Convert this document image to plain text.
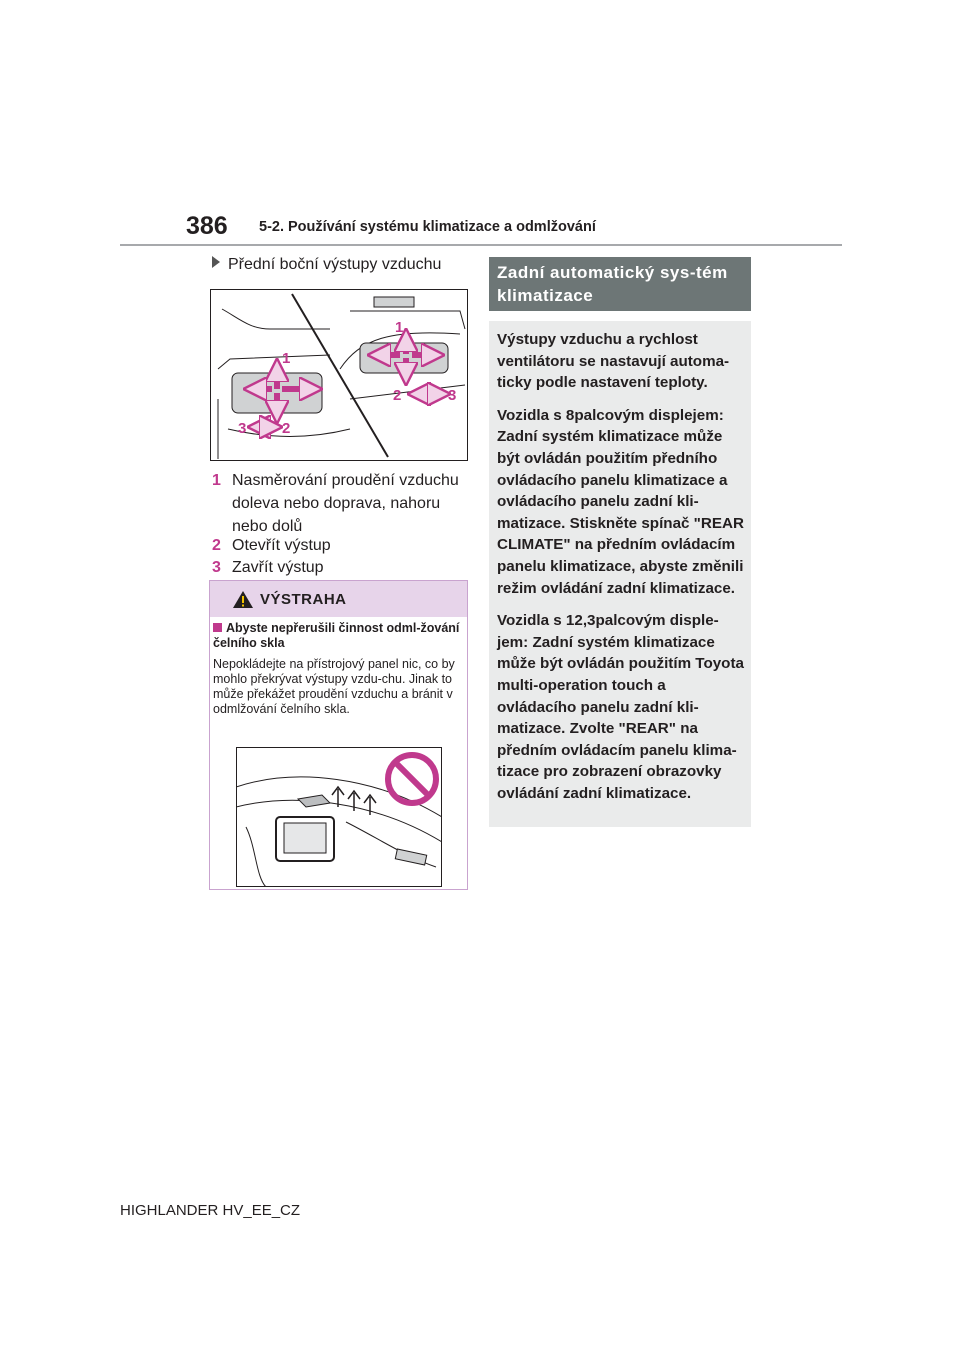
386 5-2. Používání systému klimatizace a odmlžování
Přední boční výstupy vzduchu
1
1
2
2
3
3
1 Nasměrování proudění vzduchu doleva nebo doprava, nahoru nebo dolů
2 Otevřít výstup
3 Zavřít výstup
VÝSTRAHA
Abyste nepřerušili činnost odml-žování čelního skla
Nepokládejte na přístrojový panel nic, co by mohlo překrývat výstupy vzdu-chu. Jinak to může překážet proudění vzduchu a bránit v odmlžování čelního skla.
Zadní automatický sys-tém klimatizace

Výstupy vzduchu a rychlost ventilátoru se nastavují automa-ticky podle nastavení teploty.

Vozidla s 8palcovým displejem: Zadní systém klimatizace může být ovládán použitím předního ovládacího panelu klimatizace a ovládacího panelu zadní kli-matizace. Stiskněte spínač "REAR CLIMATE" na předním ovládacím panelu klimatizace, abyste změnili režim ovládání zadní klimatizace.

Vozidla s 12,3palcovým disple-jem: Zadní systém klimatizace může být ovládán použitím Toyota multi-operation touch a ovládacího panelu zadní kli-matizace. Zvolte "REAR" na předním ovládacím panelu klima-tizace pro zobrazení obrazovky ovládání zadní klimatizace.

HIGHLANDER HV_EE_CZ
